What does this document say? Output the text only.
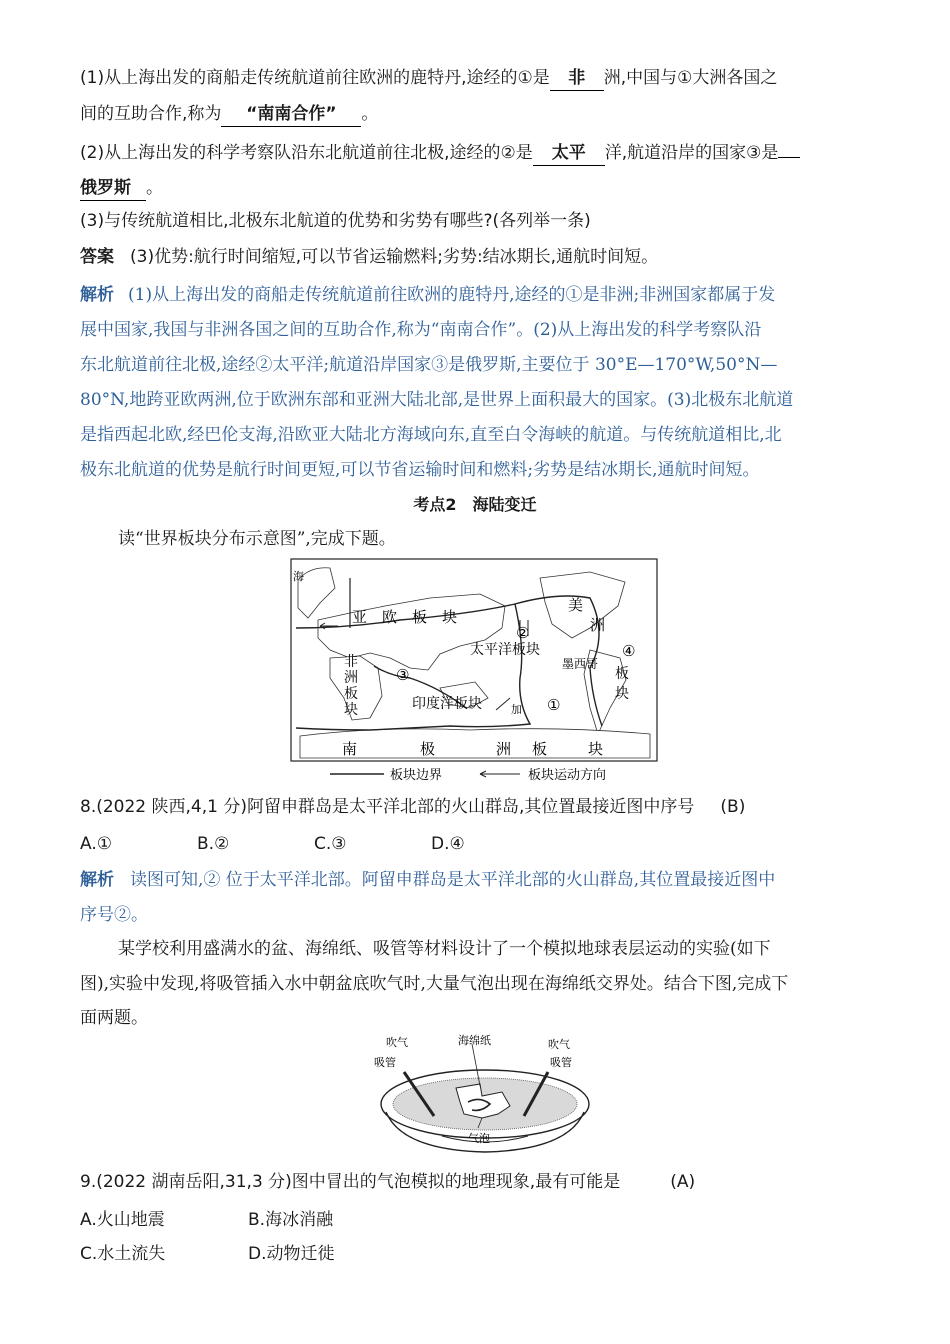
(1)从上海出发的商船走传统航道前往欧洲的鹿特丹,途经的①是 非 洲,中国与①大洲各国之
间的互助合作,称为 “南南合作” 。
(2)从上海出发的科学考察队沿东北航道前往北极,途经的②是 太平 洋,航道沿岸的国家③是
俄罗斯 。
(3)与传统航道相比,北极东北航道的优势和劣势有哪些?(各列举一条)
答案 (3)优势:航行时间缩短,可以节省运输燃料;劣势:结冰期长,通航时间短。
解析 (1)从上海出发的商船走传统航道前往欧洲的鹿特丹,途经的①是非洲;非洲国家都属于发
展中国家,我国与非洲各国之间的互助合作,称为“南南合作”。(2)从上海出发的科学考察队沿
东北航道前往北极,途经②太平洋;航道沿岸国家③是俄罗斯,主要位于 30°E—170°W,50°N—
80°N,地跨亚欧两洲,位于欧洲东部和亚洲大陆北部,是世界上面积最大的国家。(3)北极东北航道
是指西起北欧,经巴伦支海,沿欧亚大陆北方海域向东,直至白令海峡的航道。与传统航道相比,北
极东北航道的优势是航行时间更短,可以节省运输时间和燃料;劣势是结冰期长,通航时间短。
考点2　海陆变迁
读“世界板块分布示意图”,完成下题。
海
亚　欧　板　块
美
洲
非
洲
板
块
太平洋板块
墨西哥
印度洋板块
板
块
加
南	极	洲 板	块
①
②
③
④
板块边界	板块运动方向
8.(2022 陕西,4,1 分)阿留申群岛是太平洋北部的火山群岛,其位置最接近图中序号 (B)
A.①	B.②	C.③	D.④
解析 读图可知,② 位于太平洋北部。阿留申群岛是太平洋北部的火山群岛,其位置最接近图中
序号②。
某学校利用盛满水的盆、海绵纸、吸管等材料设计了一个模拟地球表层运动的实验(如下
图),实验中发现,将吸管插入水中朝盆底吹气时,大量气泡出现在海绵纸交界处。结合下图,完成下
面两题。
吹气
吸管
海绵纸	吹气
吸管
气泡
9.(2022 湖南岳阳,31,3 分)图中冒出的气泡模拟的地理现象,最有可能是	(A)
A.火山地震	B.海冰消融
C.水土流失	D.动物迁徙
